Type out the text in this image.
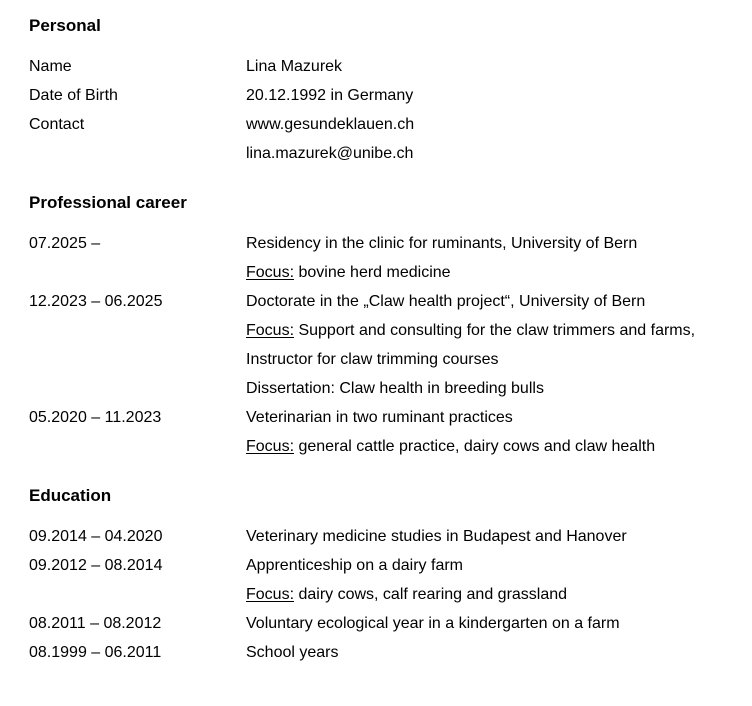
Personal
Name	Lina Mazurek
Date of Birth	20.12.1992 in Germany
Contact	www.gesundeklauen.ch
lina.mazurek@unibe.ch
Professional career
07.2025 –	Residency in the clinic for ruminants, University of Bern
Focus: bovine herd medicine
12.2023 – 06.2025	Doctorate in the „Claw health project“, University of Bern
Focus: Support and consulting for the claw trimmers and farms,
Instructor for claw trimming courses
Dissertation: Claw health in breeding bulls
05.2020 – 11.2023	Veterinarian in two ruminant practices
Focus: general cattle practice, dairy cows and claw health
Education
09.2014 – 04.2020	Veterinary medicine studies in Budapest and Hanover
09.2012 – 08.2014	Apprenticeship on a dairy farm
Focus: dairy cows, calf rearing and grassland
08.2011 – 08.2012	Voluntary ecological year in a kindergarten on a farm
08.1999 – 06.2011	School years
